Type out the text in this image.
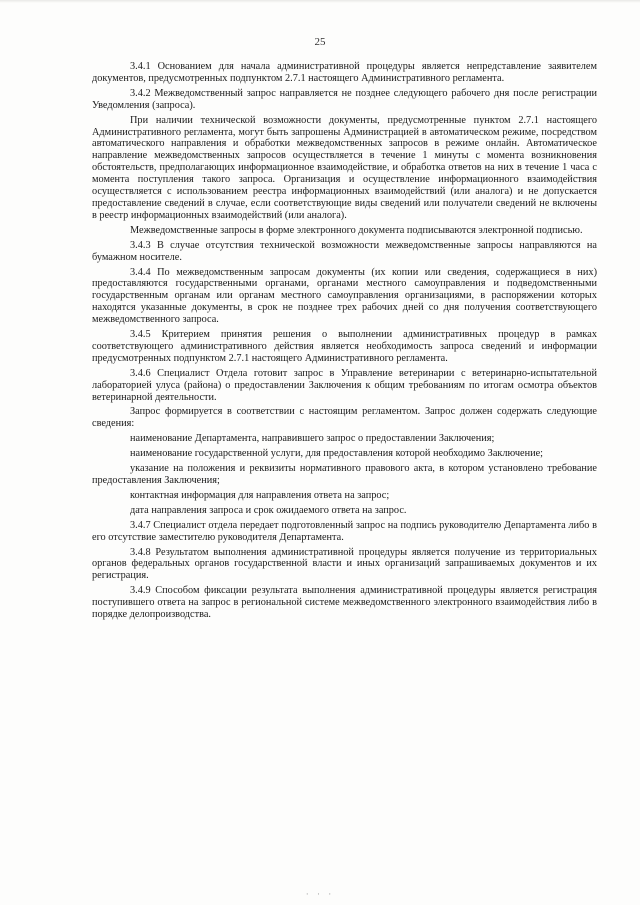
25

3.4.1 Основанием для начала административной процедуры является непредставление заявителем документов, предусмотренных подпунктом 2.7.1 настоящего Административного регламента.

3.4.2 Межведомственный запрос направляется не позднее следующего рабочего дня после регистрации Уведомления (запроса).

При наличии технической возможности документы, предусмотренные пунктом 2.7.1 настоящего Административного регламента, могут быть запрошены Администрацией в автоматическом режиме, посредством автоматического направления и обработки межведомственных запросов в режиме онлайн. Автоматическое направление межведомственных запросов осуществляется в течение 1 минуты с момента возникновения обстоятельств, предполагающих информационное взаимодействие, и обработка ответов на них в течение 1 часа с момента поступления такого запроса. Организация и осуществление информационного взаимодействия осуществляется с использованием реестра информационных взаимодействий (или аналога) и не допускается предоставление сведений в случае, если соответствующие виды сведений или получатели сведений не включены в реестр информационных взаимодействий (или аналога).

Межведомственные запросы в форме электронного документа подписываются электронной подписью.

3.4.3 В случае отсутствия технической возможности межведомственные запросы направляются на бумажном носителе.

3.4.4 По межведомственным запросам документы (их копии или сведения, содержащиеся в них) предоставляются государственными органами, органами местного самоуправления и подведомственными государственным органам или органам местного самоуправления организациями, в распоряжении которых находятся указанные документы, в срок не позднее трех рабочих дней со дня получения соответствующего межведомственного запроса.

3.4.5 Критерием принятия решения о выполнении административных процедур в рамках соответствующего административного действия является необходимость запроса сведений и информации предусмотренных подпунктом 2.7.1 настоящего Административного регламента.

3.4.6 Специалист Отдела готовит запрос в Управление ветеринарии с ветеринарно-испытательной лабораторией улуса (района) о предоставлении Заключения к общим требованиям по итогам осмотра объектов ветеринарной деятельности.

Запрос формируется в соответствии с настоящим регламентом. Запрос должен содержать следующие сведения:

наименование Департамента, направившего запрос о предоставлении Заключения;

наименование государственной услуги, для предоставления которой необходимо Заключение;

указание на положения и реквизиты нормативного правового акта, в котором установлено требование предоставления Заключения;

контактная информация для направления ответа на запрос;

дата направления запроса и срок ожидаемого ответа на запрос.

3.4.7 Специалист отдела передает подготовленный запрос на подпись руководителю Департамента либо в его отсутствие заместителю руководителя Департамента.

3.4.8 Результатом выполнения административной процедуры является получение из территориальных органов федеральных органов государственной власти и иных организаций запрашиваемых документов и их регистрация.

3.4.9 Способом фиксации результата выполнения административной процедуры является регистрация поступившего ответа на запрос в региональной системе межведомственного электронного взаимодействия либо в порядке делопроизводства.

· · ·
